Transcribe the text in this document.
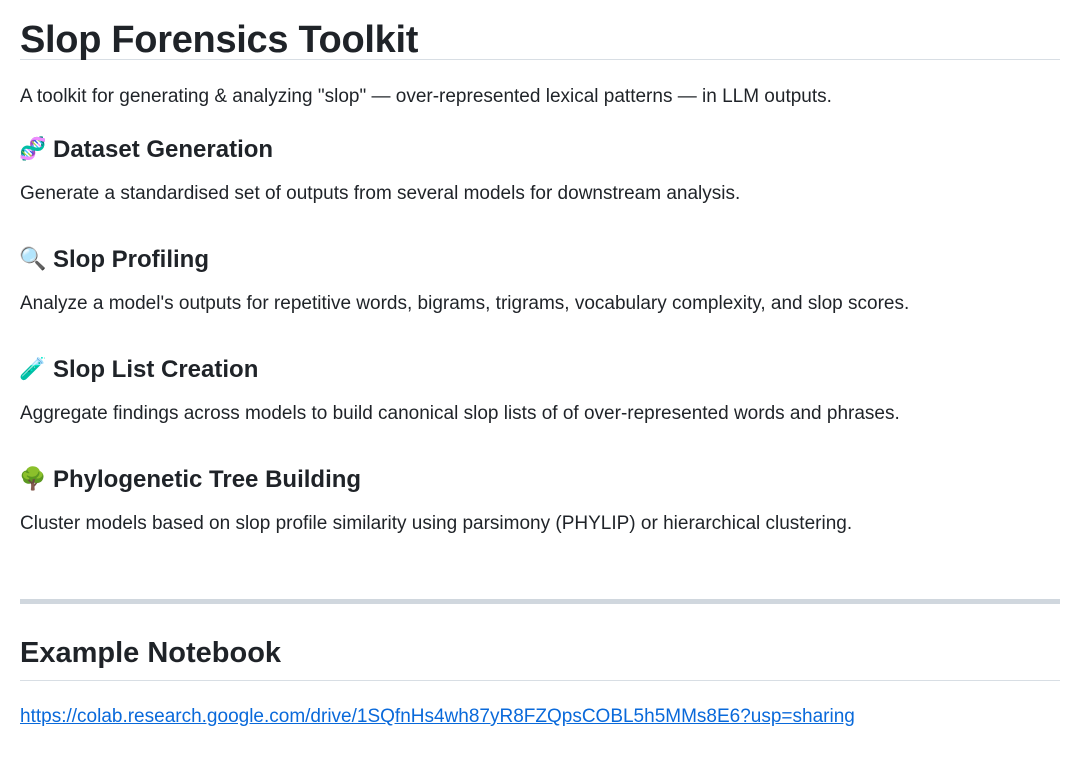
Slop Forensics Toolkit

A toolkit for generating & analyzing "slop" — over-represented lexical patterns — in LLM outputs.

🧬 Dataset Generation

Generate a standardised set of outputs from several models for downstream analysis.

🔍 Slop Profiling

Analyze a model's outputs for repetitive words, bigrams, trigrams, vocabulary complexity, and slop scores.

🧪 Slop List Creation

Aggregate findings across models to build canonical slop lists of of over-represented words and phrases.

🌳 Phylogenetic Tree Building

Cluster models based on slop profile similarity using parsimony (PHYLIP) or hierarchical clustering.

Example Notebook
https://colab.research.google.com/drive/1SQfnHs4wh87yR8FZQpsCOBL5h5MMs8E6?usp=sharing
